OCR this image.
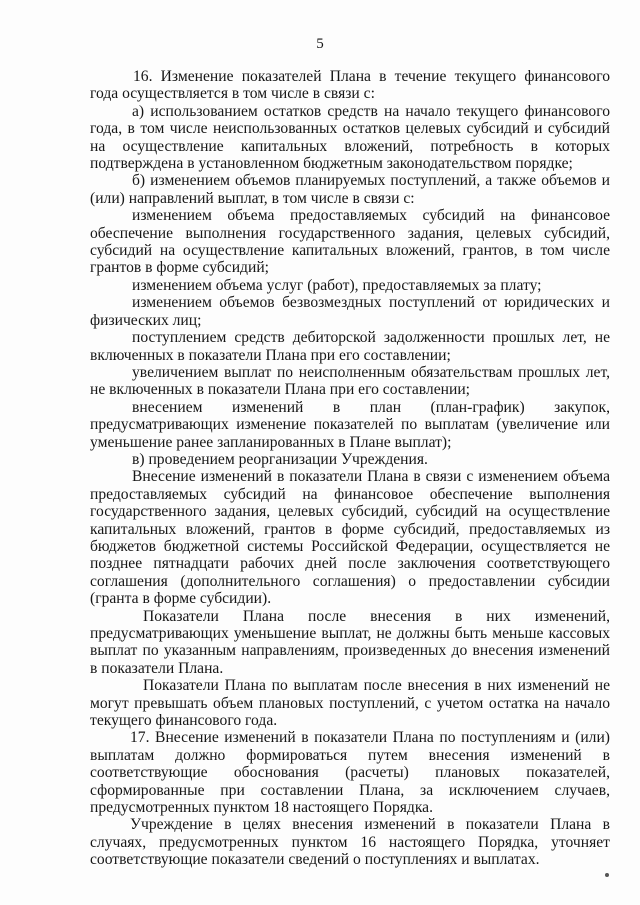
5

16. Изменение показателей Плана в течение текущего финансового года осуществляется в том числе в связи с:

а) использованием остатков средств на начало текущего финансового года, в том числе неиспользованных остатков целевых субсидий и субсидий на осуществление капитальных вложений, потребность в которых подтверждена в установленном бюджетным законодательством порядке;

б) изменением объемов планируемых поступлений, а также объемов и (или) направлений выплат, в том числе в связи с:

изменением объема предоставляемых субсидий на финансовое обеспечение выполнения государственного задания, целевых субсидий, субсидий на осуществление капитальных вложений, грантов, в том числе грантов в форме субсидий;

изменением объема услуг (работ), предоставляемых за плату;

изменением объемов безвозмездных поступлений от юридических и физических лиц;

поступлением средств дебиторской задолженности прошлых лет, не включенных в показатели Плана при его составлении;

увеличением выплат по неисполненным обязательствам прошлых лет, не включенных в показатели Плана при его составлении;

внесением изменений в план (план-график) закупок, предусматривающих изменение показателей по выплатам (увеличение или уменьшение ранее запланированных в Плане выплат);

в) проведением реорганизации Учреждения.

Внесение изменений в показатели Плана в связи с изменением объема предоставляемых субсидий на финансовое обеспечение выполнения государственного задания, целевых субсидий, субсидий на осуществление капитальных вложений, грантов в форме субсидий, предоставляемых из бюджетов бюджетной системы Российской Федерации, осуществляется не позднее пятнадцати рабочих дней после заключения соответствующего соглашения (дополнительного соглашения) о предоставлении субсидии (гранта в форме субсидии).

Показатели Плана после внесения в них изменений, предусматривающих уменьшение выплат, не должны быть меньше кассовых выплат по указанным направлениям, произведенных до внесения изменений в показатели Плана.

Показатели Плана по выплатам после внесения в них изменений не могут превышать объем плановых поступлений, с учетом остатка на начало текущего финансового года.

17. Внесение изменений в показатели Плана по поступлениям и (или) выплатам должно формироваться путем внесения изменений в соответствующие обоснования (расчеты) плановых показателей, сформированные при составлении Плана, за исключением случаев, предусмотренных пунктом 18 настоящего Порядка.

Учреждение в целях внесения изменений в показатели Плана в случаях, предусмотренных пунктом 16 настоящего Порядка, уточняет соответствующие показатели сведений о поступлениях и выплатах.
